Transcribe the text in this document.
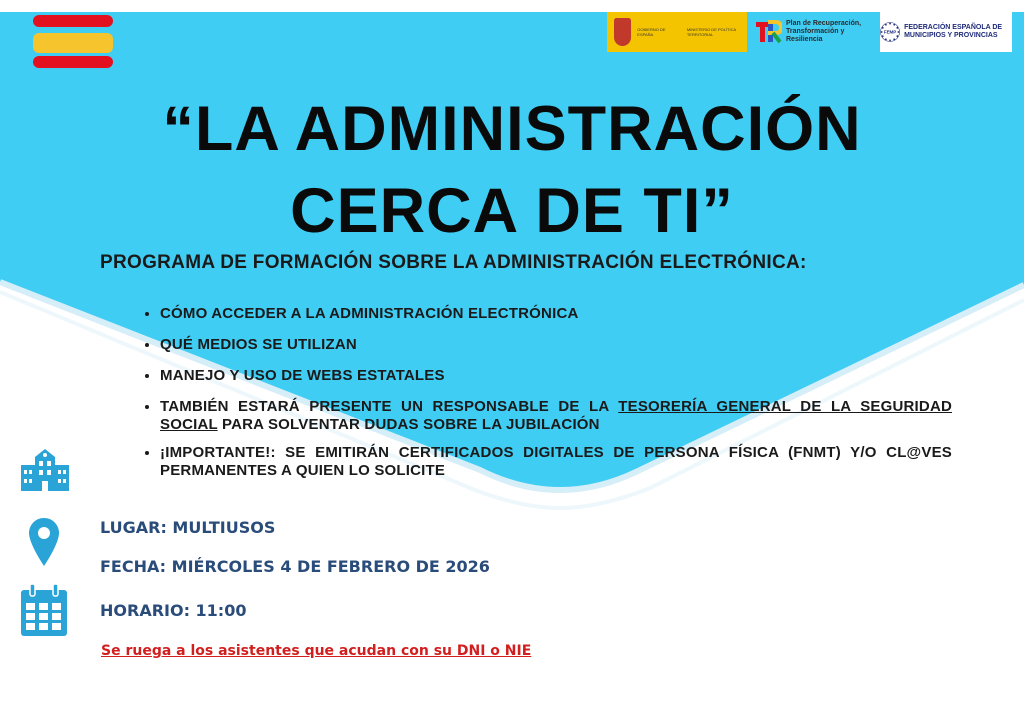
GOBIERNO DE ESPAÑA
MINISTERIO DE POLÍTICA TERRITORIAL
Plan de Recuperación, Transformación y Resiliencia
FEMP
FEDERACIÓN ESPAÑOLA DE MUNICIPIOS Y PROVINCIAS
“LA ADMINISTRACIÓN
CERCA DE TI”
PROGRAMA DE FORMACIÓN SOBRE LA ADMINISTRACIÓN ELECTRÓNICA:
• CÓMO ACCEDER A LA ADMINISTRACIÓN ELECTRÓNICA
• QUÉ MEDIOS SE UTILIZAN
• MANEJO Y USO DE WEBS ESTATALES
• TAMBIÉN ESTARÁ PRESENTE UN RESPONSABLE DE LA TESORERÍA GENERAL DE LA SEGURIDAD SOCIAL PARA SOLVENTAR DUDAS SOBRE LA JUBILACIÓN
• ¡IMPORTANTE!: SE EMITIRÁN CERTIFICADOS DIGITALES DE PERSONA FÍSICA (FNMT) Y/O CL@VES PERMANENTES A QUIEN LO SOLICITE
LUGAR: MULTIUSOS
FECHA: MIÉRCOLES 4 DE FEBRERO DE 2026
HORARIO: 11:00
Se ruega a los asistentes que acudan con su DNI o NIE
